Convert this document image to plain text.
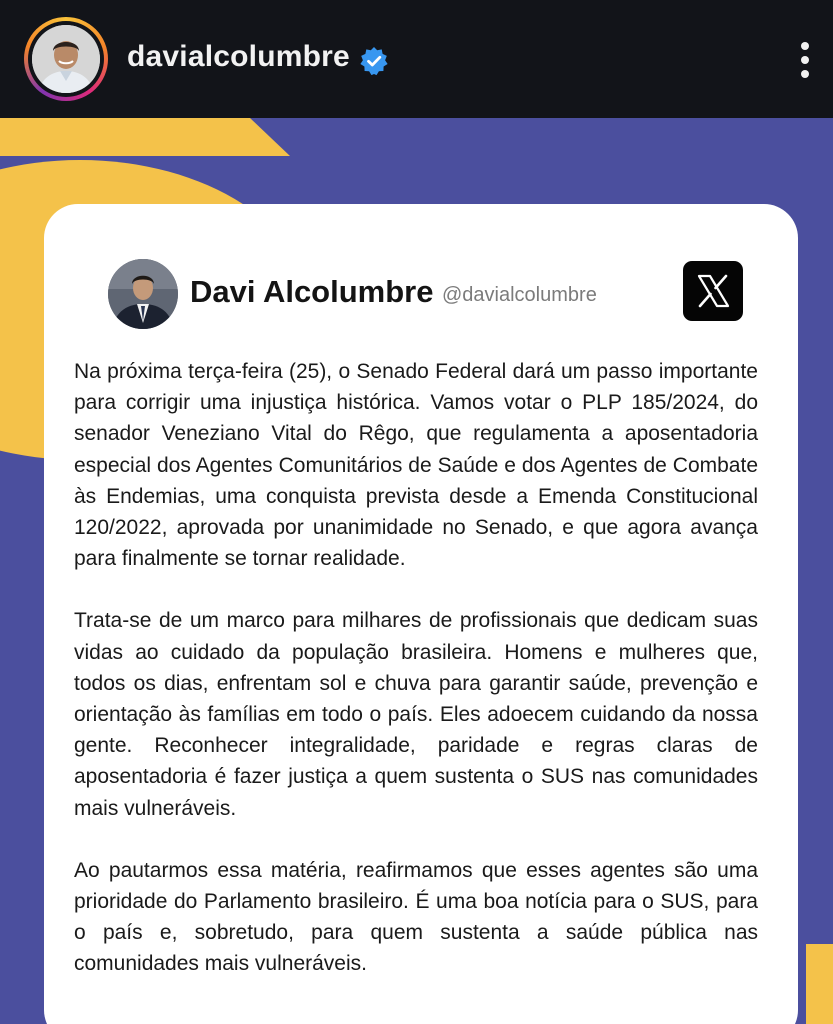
davialcolumbre
Davi Alcolumbre @davialcolumbre

Na próxima terça-feira (25), o Senado Federal dará um passo importante para corrigir uma injustiça histórica. Vamos votar o PLP 185/2024, do senador Veneziano Vital do Rêgo, que regulamenta a aposentadoria especial dos Agentes Comunitários de Saúde e dos Agentes de Combate às Endemias, uma conquista prevista desde a Emenda Constitucional 120/2022, aprovada por unanimidade no Senado, e que agora avança para finalmente se tornar realidade.

Trata-se de um marco para milhares de profissionais que dedicam suas vidas ao cuidado da população brasileira. Homens e mulheres que, todos os dias, enfrentam sol e chuva para garantir saúde, prevenção e orientação às famílias em todo o país. Eles adoecem cuidando da nossa gente. Reconhecer integralidade, paridade e regras claras de aposentadoria é fazer justiça a quem sustenta o SUS nas comunidades mais vulneráveis.

Ao pautarmos essa matéria, reafirmamos que esses agentes são uma prioridade do Parlamento brasileiro. É uma boa notícia para o SUS, para o país e, sobretudo, para quem sustenta a saúde pública nas comunidades mais vulneráveis.
